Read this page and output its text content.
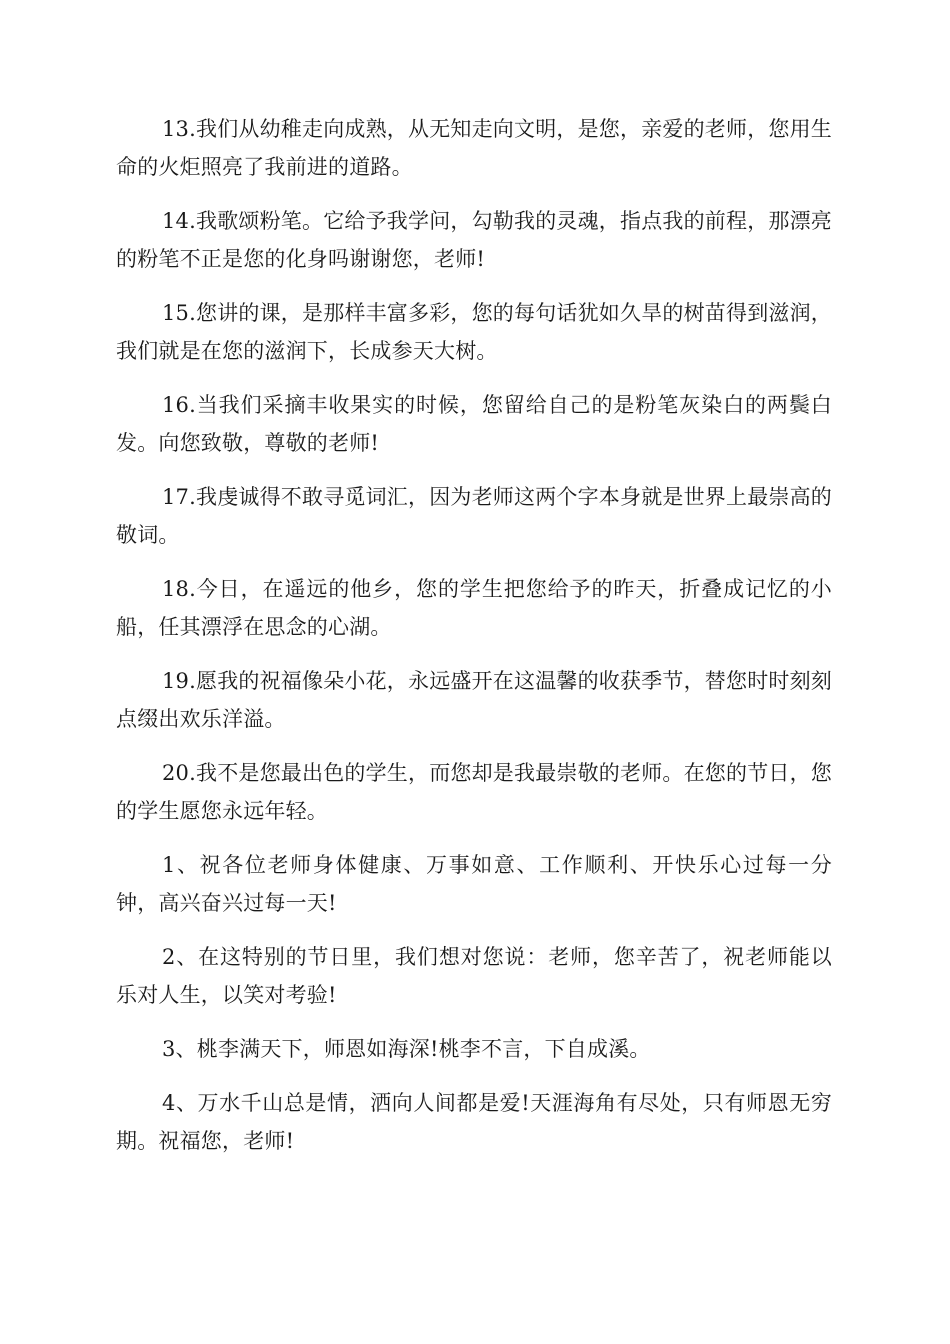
13.我们从幼稚走向成熟，从无知走向文明，是您，亲爱的老师，您用生命的火炬照亮了我前进的道路。

14.我歌颂粉笔。它给予我学问，勾勒我的灵魂，指点我的前程，那漂亮的粉笔不正是您的化身吗谢谢您，老师!

15.您讲的课，是那样丰富多彩，您的每句话犹如久旱的树苗得到滋润，我们就是在您的滋润下，长成参天大树。

16.当我们采摘丰收果实的时候，您留给自己的是粉笔灰染白的两鬓白发。向您致敬，尊敬的老师!

17.我虔诚得不敢寻觅词汇，因为老师这两个字本身就是世界上最崇高的敬词。

18.今日，在遥远的他乡，您的学生把您给予的昨天，折叠成记忆的小船，任其漂浮在思念的心湖。

19.愿我的祝福像朵小花，永远盛开在这温馨的收获季节，替您时时刻刻点缀出欢乐洋溢。

20.我不是您最出色的学生，而您却是我最崇敬的老师。在您的节日，您的学生愿您永远年轻。

1、祝各位老师身体健康、万事如意、工作顺利、开快乐心过每一分钟，高兴奋兴过每一天!

2、在这特别的节日里，我们想对您说：老师，您辛苦了，祝老师能以乐对人生，以笑对考验!

3、桃李满天下，师恩如海深!桃李不言，下自成溪。

4、万水千山总是情，洒向人间都是爱!天涯海角有尽处，只有师恩无穷期。祝福您，老师!
